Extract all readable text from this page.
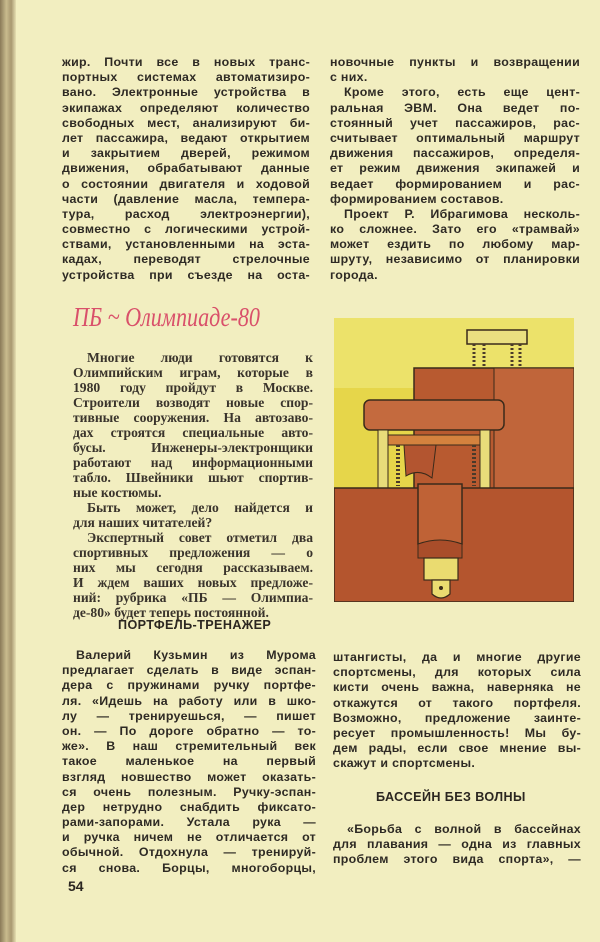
жир. Почти все в новых транс-
портных системах автоматизиро-
вано. Электронные устройства в
экипажах определяют количество
свободных мест, анализируют би-
лет пассажира, ведают открытием
и закрытием дверей, режимом
движения, обрабатывают данные
о состоянии двигателя и ходовой
части (давление масла, темпера-
тура, расход электроэнергии),
совместно с логическими устрой-
ствами, установленными на эста-
кадах, переводят стрелочные
устройства при съезде на оста-
новочные пункты и возвращении
с них.
Кроме этого, есть еще цент-
ральная ЭВМ. Она ведет по-
стоянный учет пассажиров, рас-
считывает оптимальный маршрут
движения пассажиров, определя-
ет режим движения экипажей и
ведает формированием и рас-
формированием составов.
Проект Р. Ибрагимова несколь-
ко сложнее. Зато его «трамвай»
может ездить по любому мар-
шруту, независимо от планировки
города.
ПБ ~ Олимпиаде-80
Многие люди готовятся к
Олимпийским играм, которые в
1980 году пройдут в Москве.
Строители возводят новые спор-
тивные сооружения. На автозаво-
дах строятся специальные авто-
бусы. Инженеры-электронщики
работают над информационными
табло. Швейники шьют спортив-
ные костюмы.
Быть может, дело найдется и
для наших читателей?
Экспертный совет отметил два
спортивных предложения — о
них мы сегодня рассказываем.
И ждем ваших новых предложе-
ний: рубрика «ПБ — Олимпиа-
де-80» будет теперь постоянной.
ПОРТФЕЛЬ-ТРЕНАЖЕР
Валерий Кузьмин из Мурома
предлагает сделать в виде эспан-
дера с пружинами ручку портфе-
ля. «Идешь на работу или в шко-
лу — тренируешься, — пишет
он. — По дороге обратно — то-
же». В наш стремительный век
такое маленькое на первый
взгляд новшество может оказать-
ся очень полезным. Ручку-эспан-
дер нетрудно снабдить фиксато-
рами-запорами. Устала рука —
и ручка ничем не отличается от
обычной. Отдохнула — тренируй-
ся снова. Борцы, многоборцы,
штангисты, да и многие другие
спортсмены, для которых сила
кисти очень важна, наверняка не
откажутся от такого портфеля.
Возможно, предложение заинте-
ресует промышленность! Мы бу-
дем рады, если свое мнение вы-
скажут и спортсмены.
БАССЕЙН БЕЗ ВОЛНЫ
«Борьба с волной в бассейнах
для плавания — одна из главных
проблем этого вида спорта», —
54
